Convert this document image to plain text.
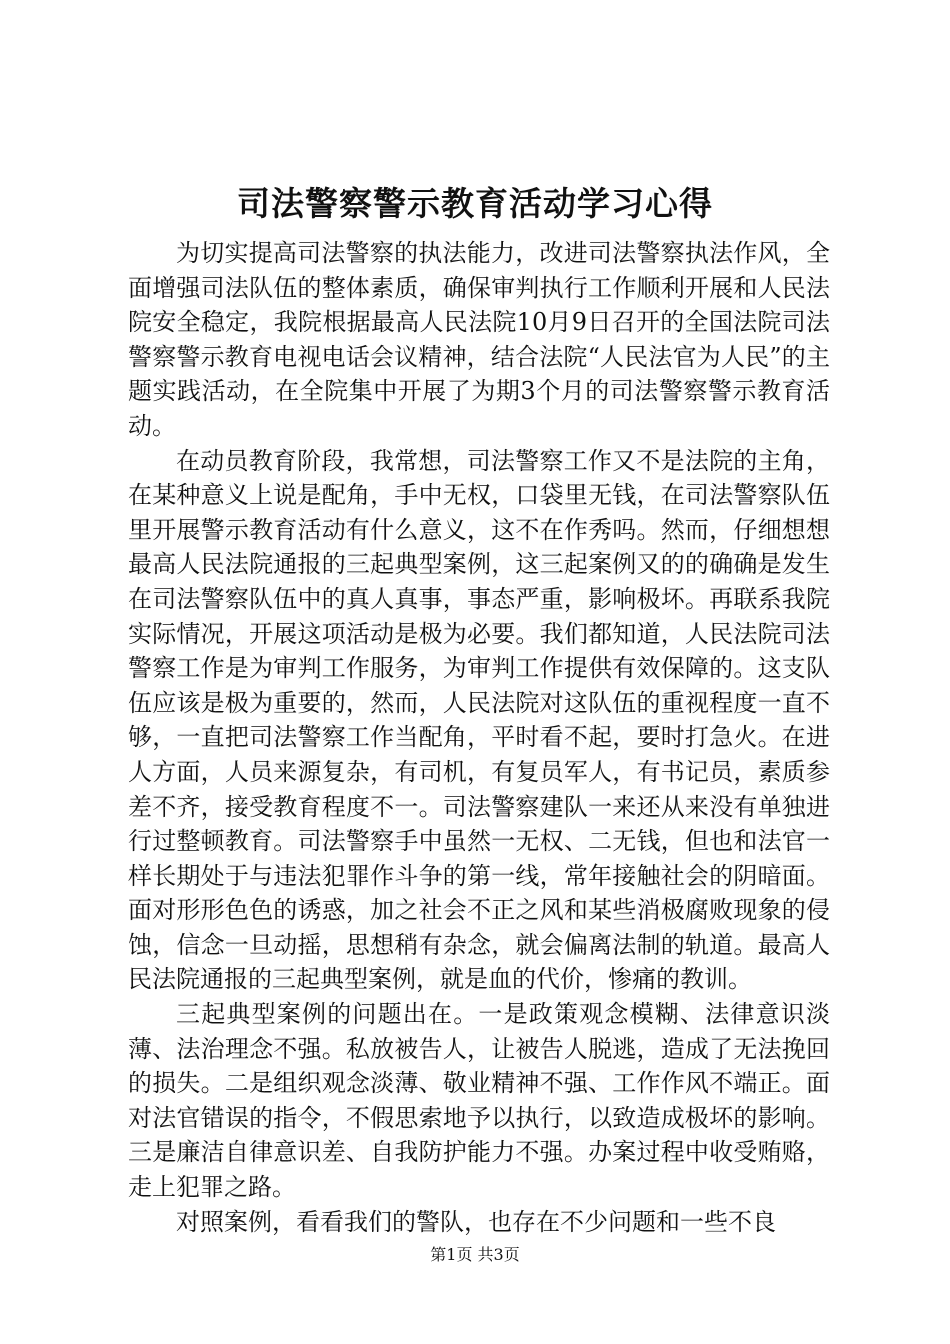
司法警察警示教育活动学习心得

为切实提高司法警察的执法能力，改进司法警察执法作风，全面增强司法队伍的整体素质，确保审判执行工作顺利开展和人民法院安全稳定，我院根据最高人民法院10月9日召开的全国法院司法警察警示教育电视电话会议精神，结合法院“人民法官为人民”的主题实践活动，在全院集中开展了为期3个月的司法警察警示教育活动。

在动员教育阶段，我常想，司法警察工作又不是法院的主角，在某种意义上说是配角，手中无权，口袋里无钱，在司法警察队伍里开展警示教育活动有什么意义，这不在作秀吗。然而，仔细想想最高人民法院通报的三起典型案例，这三起案例又的的确确是发生在司法警察队伍中的真人真事，事态严重，影响极坏。再联系我院实际情况，开展这项活动是极为必要。我们都知道，人民法院司法警察工作是为审判工作服务，为审判工作提供有效保障的。这支队伍应该是极为重要的，然而，人民法院对这队伍的重视程度一直不够，一直把司法警察工作当配角，平时看不起，要时打急火。在进人方面，人员来源复杂，有司机，有复员军人，有书记员，素质参差不齐，接受教育程度不一。司法警察建队一来还从来没有单独进行过整顿教育。司法警察手中虽然一无权、二无钱，但也和法官一样长期处于与违法犯罪作斗争的第一线，常年接触社会的阴暗面。面对形形色色的诱惑，加之社会不正之风和某些消极腐败现象的侵蚀，信念一旦动摇，思想稍有杂念，就会偏离法制的轨道。最高人民法院通报的三起典型案例，就是血的代价，惨痛的教训。

三起典型案例的问题出在。一是政策观念模糊、法律意识淡薄、法治理念不强。私放被告人，让被告人脱逃，造成了无法挽回的损失。二是组织观念淡薄、敬业精神不强、工作作风不端正。面对法官错误的指令，不假思索地予以执行，以致造成极坏的影响。三是廉洁自律意识差、自我防护能力不强。办案过程中收受贿赂，走上犯罪之路。

对照案例，看看我们的警队，也存在不少问题和一些不良

第1页 共3页
